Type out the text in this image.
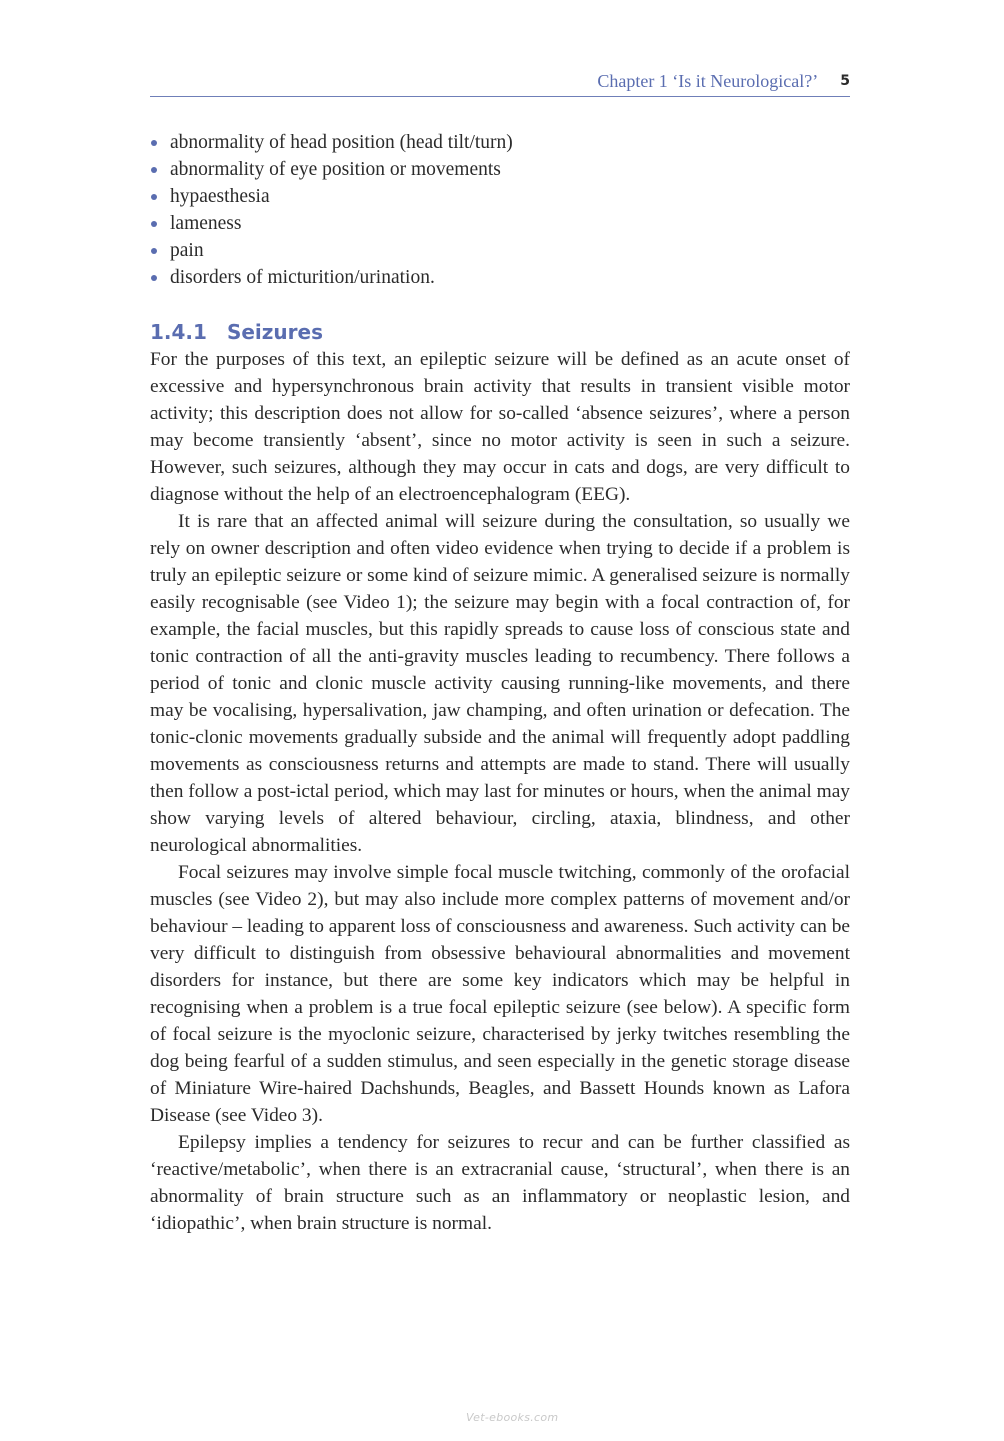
Chapter 1 ‘Is it Neurological?’ 5
abnormality of head position (head tilt/turn)
abnormality of eye position or movements
hypaesthesia
lameness
pain
disorders of micturition/urination.
1.4.1 Seizures

For the purposes of this text, an epileptic seizure will be defined as an acute onset of excessive and hypersynchronous brain activity that results in transient visible motor activity; this description does not allow for so-called ‘absence seizures’, where a person may become transiently ‘absent’, since no motor activity is seen in such a seizure. However, such seizures, although they may occur in cats and dogs, are very difficult to diagnose without the help of an electroencephalogram (EEG).

It is rare that an affected animal will seizure during the consultation, so usually we rely on owner description and often video evidence when trying to decide if a problem is truly an epileptic seizure or some kind of seizure mimic. A generalised seizure is normally easily recognisable (see Video 1); the seizure may begin with a focal contraction of, for example, the facial muscles, but this rapidly spreads to cause loss of conscious state and tonic contraction of all the anti-gravity muscles leading to recumbency. There follows a period of tonic and clonic muscle activity causing running-like movements, and there may be vocalising, hypersalivation, jaw champing, and often urination or defecation. The tonic-clonic movements gradually subside and the animal will frequently adopt paddling movements as consciousness returns and attempts are made to stand. There will usually then follow a post-ictal period, which may last for minutes or hours, when the animal may show varying levels of altered behaviour, circling, ataxia, blindness, and other neurological abnormalities.

Focal seizures may involve simple focal muscle twitching, commonly of the orofacial muscles (see Video 2), but may also include more complex patterns of movement and/or behaviour – leading to apparent loss of consciousness and awareness. Such activity can be very difficult to distinguish from obsessive behavioural abnormalities and movement disorders for instance, but there are some key indicators which may be helpful in recognising when a problem is a true focal epileptic seizure (see below). A specific form of focal seizure is the myoclonic seizure, characterised by jerky twitches resembling the dog being fearful of a sudden stimulus, and seen especially in the genetic storage disease of Miniature Wire-haired Dachshunds, Beagles, and Bassett Hounds known as Lafora Disease (see Video 3).

Epilepsy implies a tendency for seizures to recur and can be further classified as ‘reactive/metabolic’, when there is an extracranial cause, ‘structural’, when there is an abnormality of brain structure such as an inflammatory or neoplastic lesion, and ‘idiopathic’, when brain structure is normal.

Vet-ebooks.com
